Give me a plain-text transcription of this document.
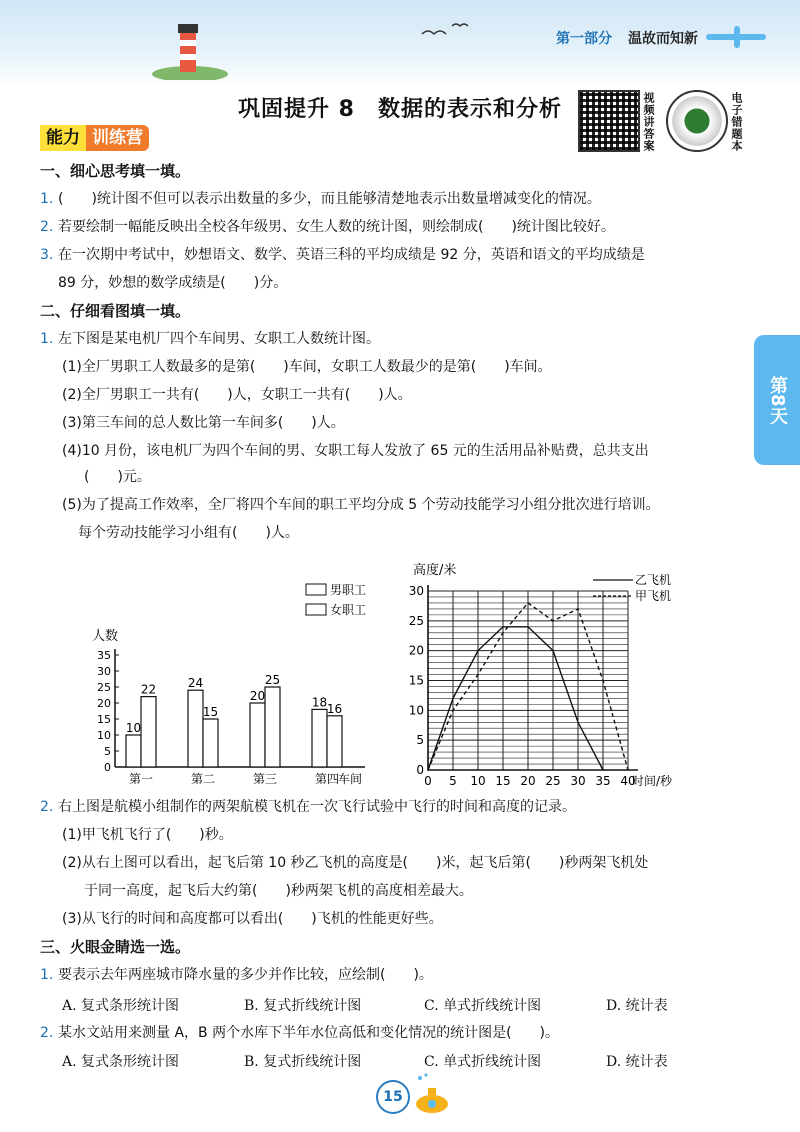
第一部分 温故而知新
巩固提升 8　数据的表示和分析	视频讲答案	电子错题本
能力 训练营
第8天
一、细心思考填一填。
1. (　　)统计图不但可以表示出数量的多少，而且能够清楚地表示出数量增减变化的情况。
2. 若要绘制一幅能反映出全校各年级男、女生人数的统计图，则绘制成(　　)统计图比较好。
3. 在一次期中考试中，妙想语文、数学、英语三科的平均成绩是 92 分，英语和语文的平均成绩是
89 分，妙想的数学成绩是(　　)分。
二、仔细看图填一填。
1. 左下图是某电机厂四个车间男、女职工人数统计图。
(1)全厂男职工人数最多的是第(　　)车间，女职工人数最少的是第(　　)车间。
(2)全厂男职工一共有(　　)人，女职工一共有(　　)人。
(3)第三车间的总人数比第一车间多(　　)人。
(4)10 月份，该电机厂为四个车间的男、女职工每人发放了 65 元的生活用品补贴费，总共支出
(　　)元。
(5)为了提高工作效率，全厂将四个车间的职工平均分成 5 个劳动技能学习小组分批次进行培训。
每个劳动技能学习小组有(　　)人。
人数
男职工
女职工
0
5
10
15
20
25
30
35
第一	第二	第三	第四
车间
10
22	24
15
20
25
18 16
高度/米
乙飞机
甲飞机
0
5
10
15
20
25
30
0 5 10 15 20 25 30 35 40
时间/秒
2. 右上图是航模小组制作的两架航模飞机在一次飞行试验中飞行的时间和高度的记录。
(1)甲飞机飞行了(　　)秒。
(2)从右上图可以看出，起飞后第 10 秒乙飞机的高度是(　　)米，起飞后第(　　)秒两架飞机处
于同一高度，起飞后大约第(　　)秒两架飞机的高度相差最大。
(3)从飞行的时间和高度都可以看出(　　)飞机的性能更好些。
三、火眼金睛选一选。
1. 要表示去年两座城市降水量的多少并作比较，应绘制(　　)。
A. 复式条形统计图	B. 复式折线统计图	C. 单式折线统计图	D. 统计表
2. 某水文站用来测量 A，B 两个水库下半年水位高低和变化情况的统计图是(　　)。
A. 复式条形统计图	B. 复式折线统计图	C. 单式折线统计图	D. 统计表
15
